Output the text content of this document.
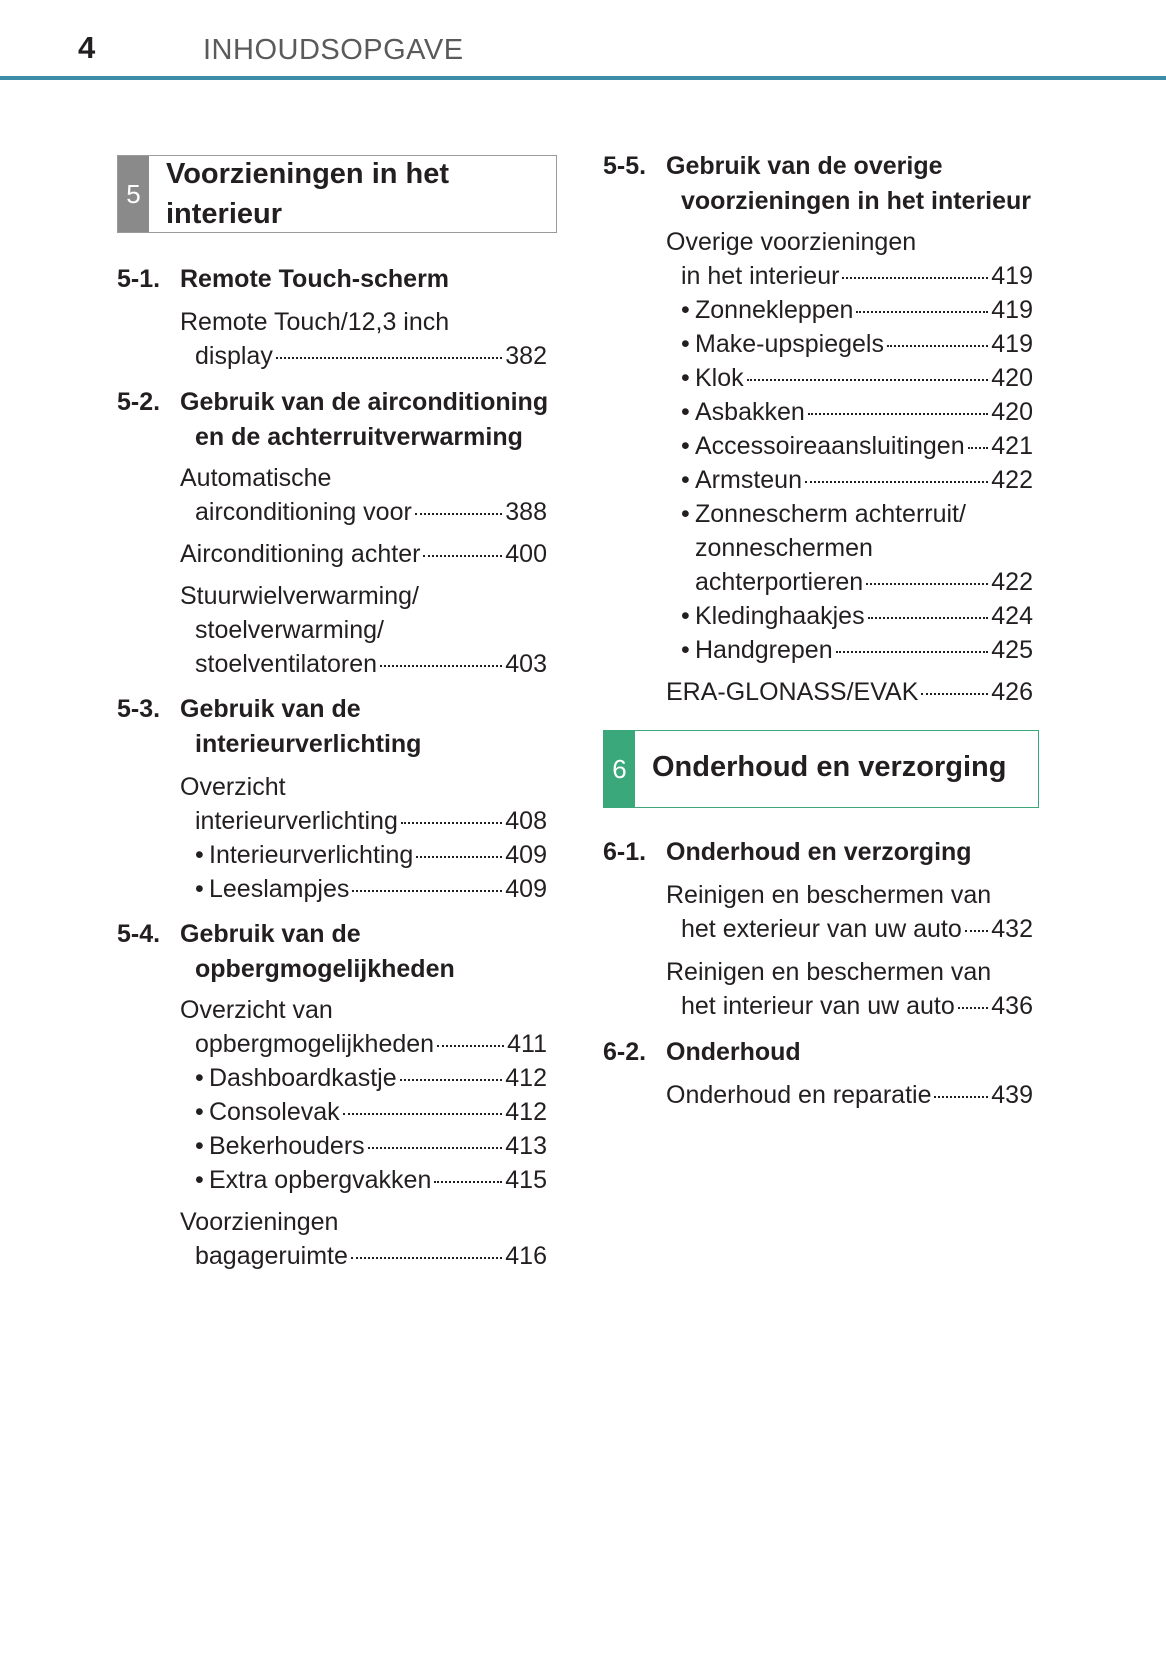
4	INHOUDSOPGAVE
5
Voorzieningen in het
interieur
5-1. Remote Touch-scherm
Remote Touch/12,3 inch
display	382
5-2. Gebruik van de airconditioning
en de achterruitverwarming
Automatische
airconditioning voor	388
Airconditioning achter	400
Stuurwielverwarming/
stoelverwarming/
stoelventilatoren	403
5-3. Gebruik van de
interieurverlichting
Overzicht
interieurverlichting	408
• Interieurverlichting	409
• Leeslampjes	409
5-4. Gebruik van de
opbergmogelijkheden
Overzicht van
opbergmogelijkheden	411
• Dashboardkastje	412
• Consolevak	412
• Bekerhouders	413
• Extra opbergvakken	415
Voorzieningen
bagageruimte	416
5-5. Gebruik van de overige
voorzieningen in het interieur
Overige voorzieningen
in het interieur	419
• Zonnekleppen	419
• Make-upspiegels	419
• Klok	420
• Asbakken	420
• Accessoireaansluitingen 421
• Armsteun	422
• Zonnescherm achterruit/
zonneschermen
achterportieren	422
• Kledinghaakjes	424
• Handgrepen	425
ERA-GLONASS/EVAK	426
6 Onderhoud en verzorging
6-1. Onderhoud en verzorging
Reinigen en beschermen van
het exterieur van uw auto 432
Reinigen en beschermen van
het interieur van uw auto 436
6-2. Onderhoud
Onderhoud en reparatie 439
